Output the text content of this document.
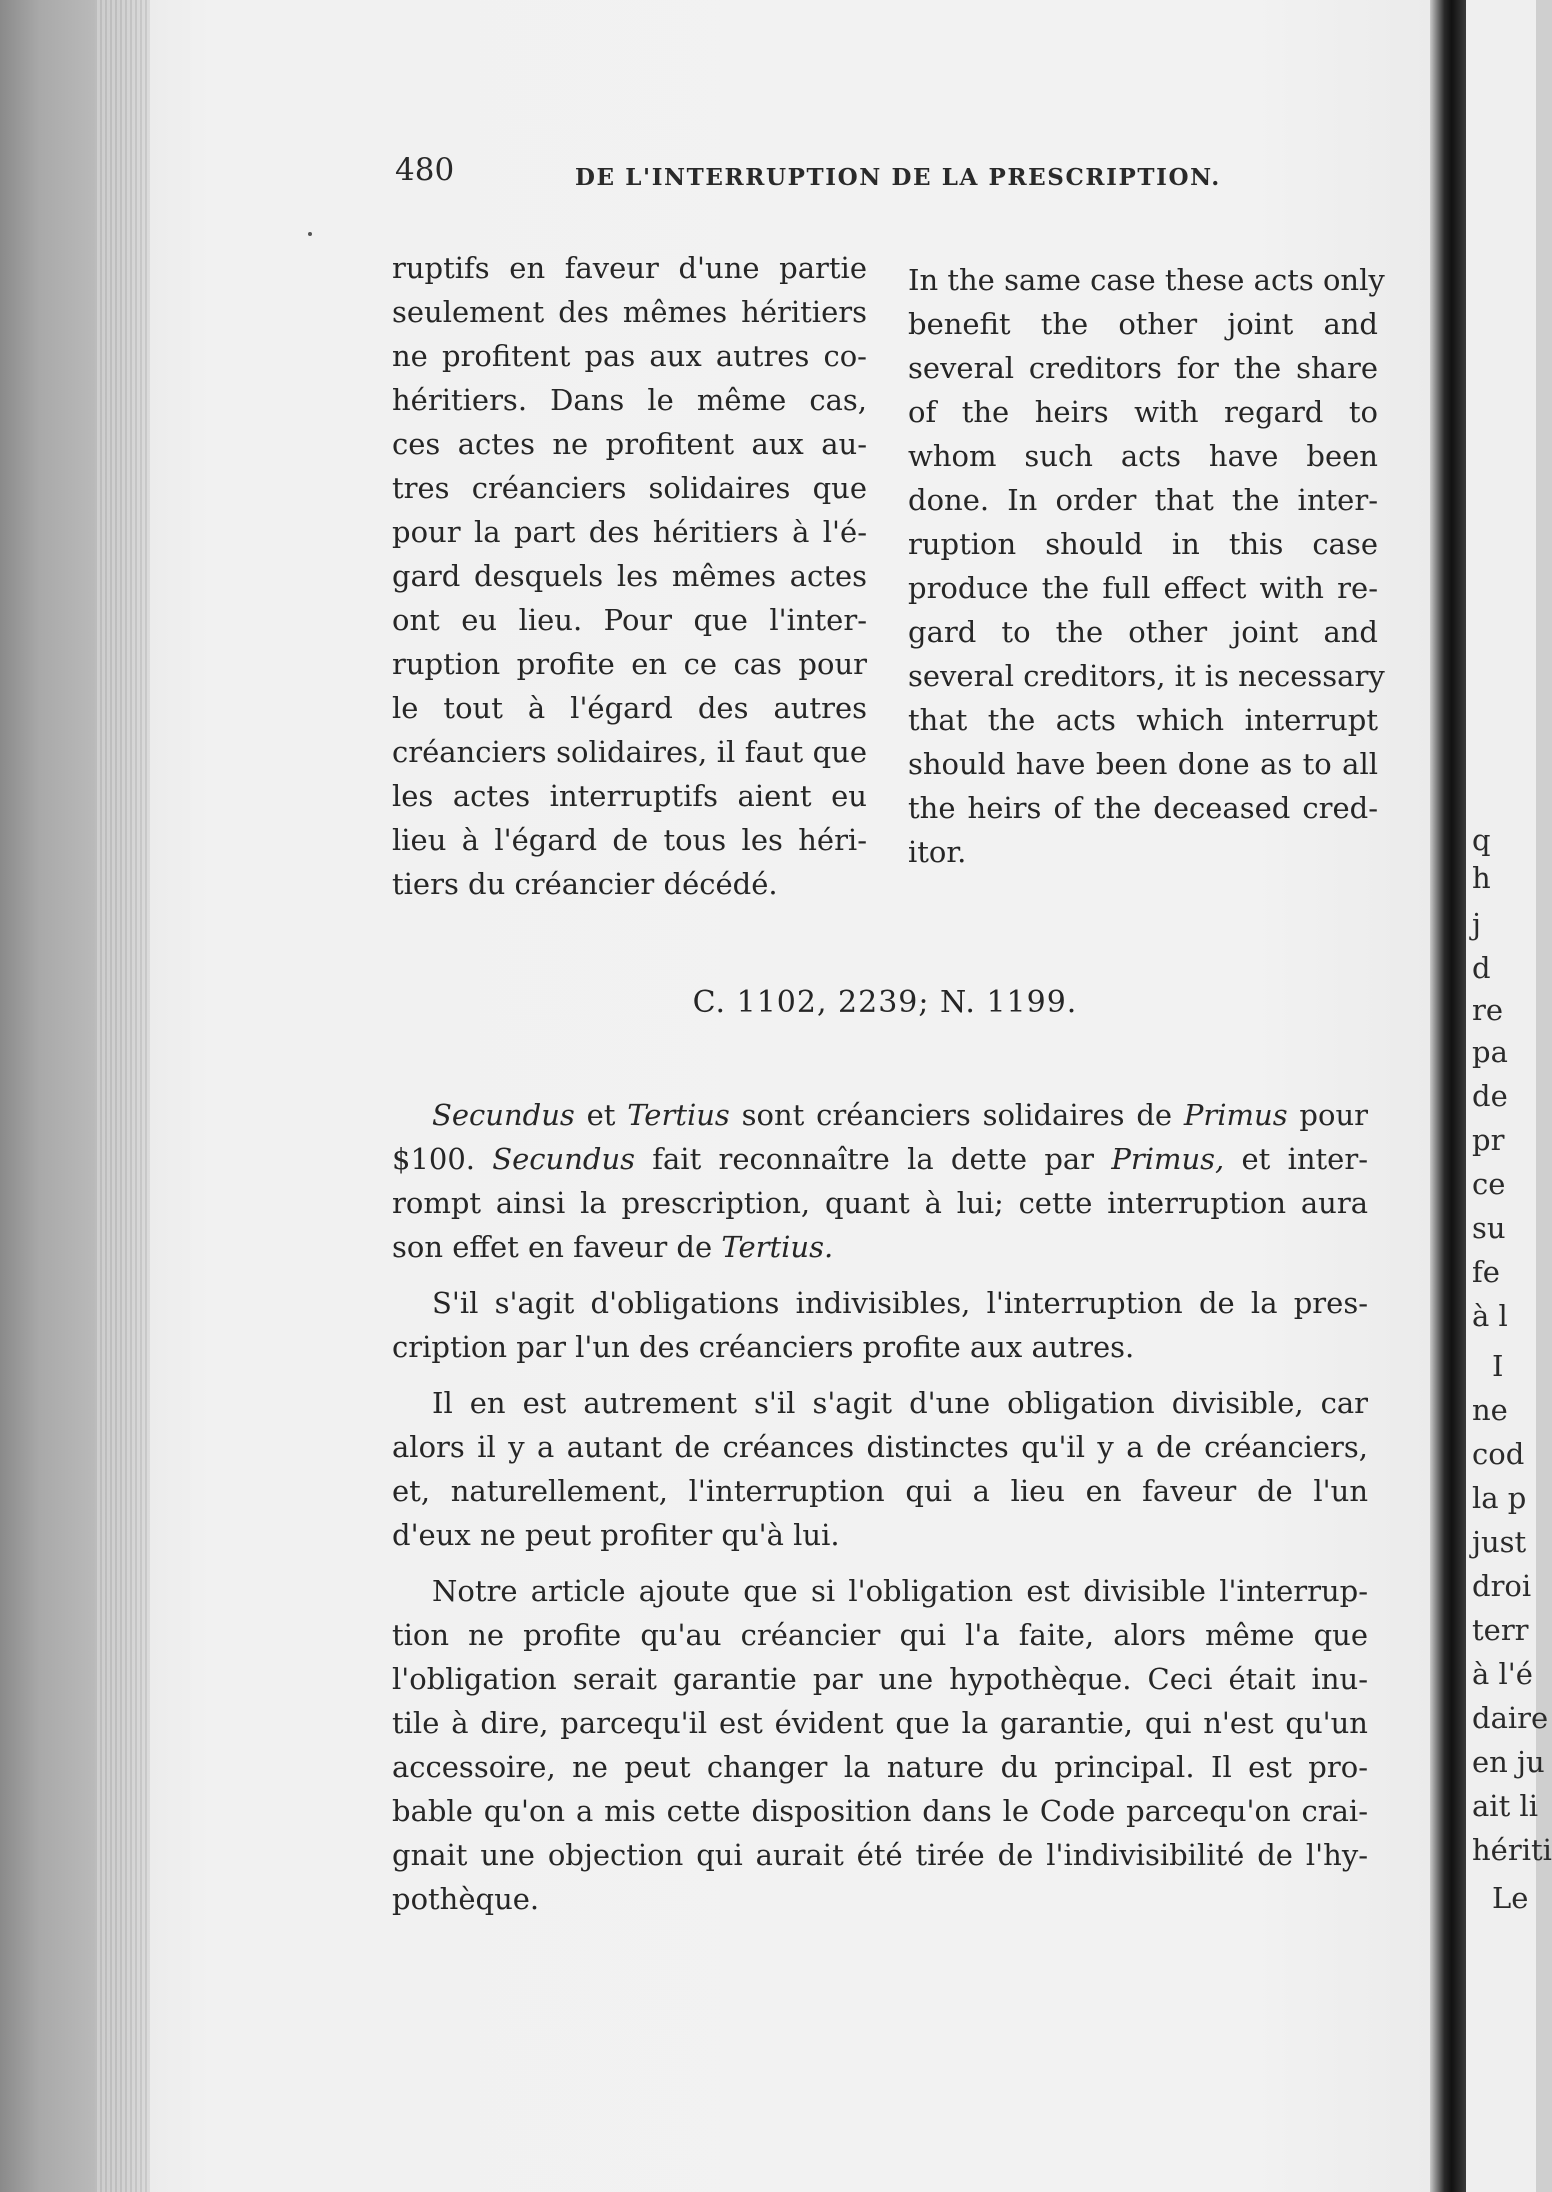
q
h
j
d
re
pa
de
pr
ce
su
fe
à l
I
ne
cod
la p
just
droi
terr
à l'é
daire
en ju
ait li
hériti
Le
480	DE L'INTERRUPTION DE LA PRESCRIPTION.
ruptifs en faveur d'une partie
seulement des mêmes héritiers
ne profitent pas aux autres co-
héritiers. Dans le même cas,
ces actes ne profitent aux au-
tres créanciers solidaires que
pour la part des héritiers à l'é-
gard desquels les mêmes actes
ont eu lieu. Pour que l'inter-
ruption profite en ce cas pour
le tout à l'égard des autres
créanciers solidaires, il faut que
les actes interruptifs aient eu
lieu à l'égard de tous les héri-
tiers du créancier décédé.
In the same case these acts only
benefit the other joint and
several creditors for the share
of the heirs with regard to
whom such acts have been
done. In order that the inter-
ruption should in this case
produce the full effect with re-
gard to the other joint and
several creditors, it is necessary
that the acts which interrupt
should have been done as to all
the heirs of the deceased cred-
itor.
C. 1102, 2239; N. 1199.
Secundus et Tertius sont créanciers solidaires de Primus pour
$100. Secundus fait reconnaître la dette par Primus, et inter-
rompt ainsi la prescription, quant à lui; cette interruption aura
son effet en faveur de Tertius.
S'il s'agit d'obligations indivisibles, l'interruption de la pres-
cription par l'un des créanciers profite aux autres.
Il en est autrement s'il s'agit d'une obligation divisible, car
alors il y a autant de créances distinctes qu'il y a de créanciers,
et, naturellement, l'interruption qui a lieu en faveur de l'un
d'eux ne peut profiter qu'à lui.
Notre article ajoute que si l'obligation est divisible l'interrup-
tion ne profite qu'au créancier qui l'a faite, alors même que
l'obligation serait garantie par une hypothèque. Ceci était inu-
tile à dire, parcequ'il est évident que la garantie, qui n'est qu'un
accessoire, ne peut changer la nature du principal. Il est pro-
bable qu'on a mis cette disposition dans le Code parcequ'on crai-
gnait une objection qui aurait été tirée de l'indivisibilité de l'hy-
pothèque.
